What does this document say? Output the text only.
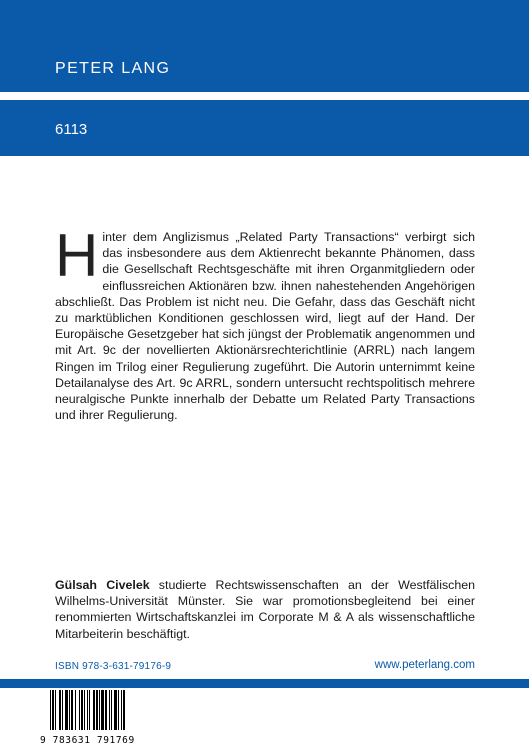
PETER LANG
6113
Hinter dem Anglizismus „Related Party Transactions“ verbirgt sich das insbesondere aus dem Aktienrecht bekannte Phänomen, dass die Gesellschaft Rechtsgeschäfte mit ihren Organmitgliedern oder einflussreichen Aktionären bzw. ihnen nahestehenden Angehörigen abschließt. Das Problem ist nicht neu. Die Gefahr, dass das Geschäft nicht zu marktüblichen Konditionen geschlossen wird, liegt auf der Hand. Der Europäische Gesetzgeber hat sich jüngst der Problematik angenommen und mit Art. 9c der novellierten Aktionärsrechterichtlinie (ARRL) nach langem Ringen im Trilog einer Regulierung zugeführt. Die Autorin unternimmt keine Detailanalyse des Art. 9c ARRL, sondern untersucht rechtspolitisch mehrere neuralgische Punkte innerhalb der Debatte um Related Party Transactions und ihrer Regulierung.
Gülsah Civelek studierte Rechtswissenschaften an der Westfälischen Wilhelms-Universität Münster. Sie war promotionsbegleitend bei einer renommierten Wirtschaftskanzlei im Corporate M & A als wissenschaftliche Mitarbeiterin beschäftigt.
ISBN 978-3-631-79176-9	www.peterlang.com
9 783631 791769
